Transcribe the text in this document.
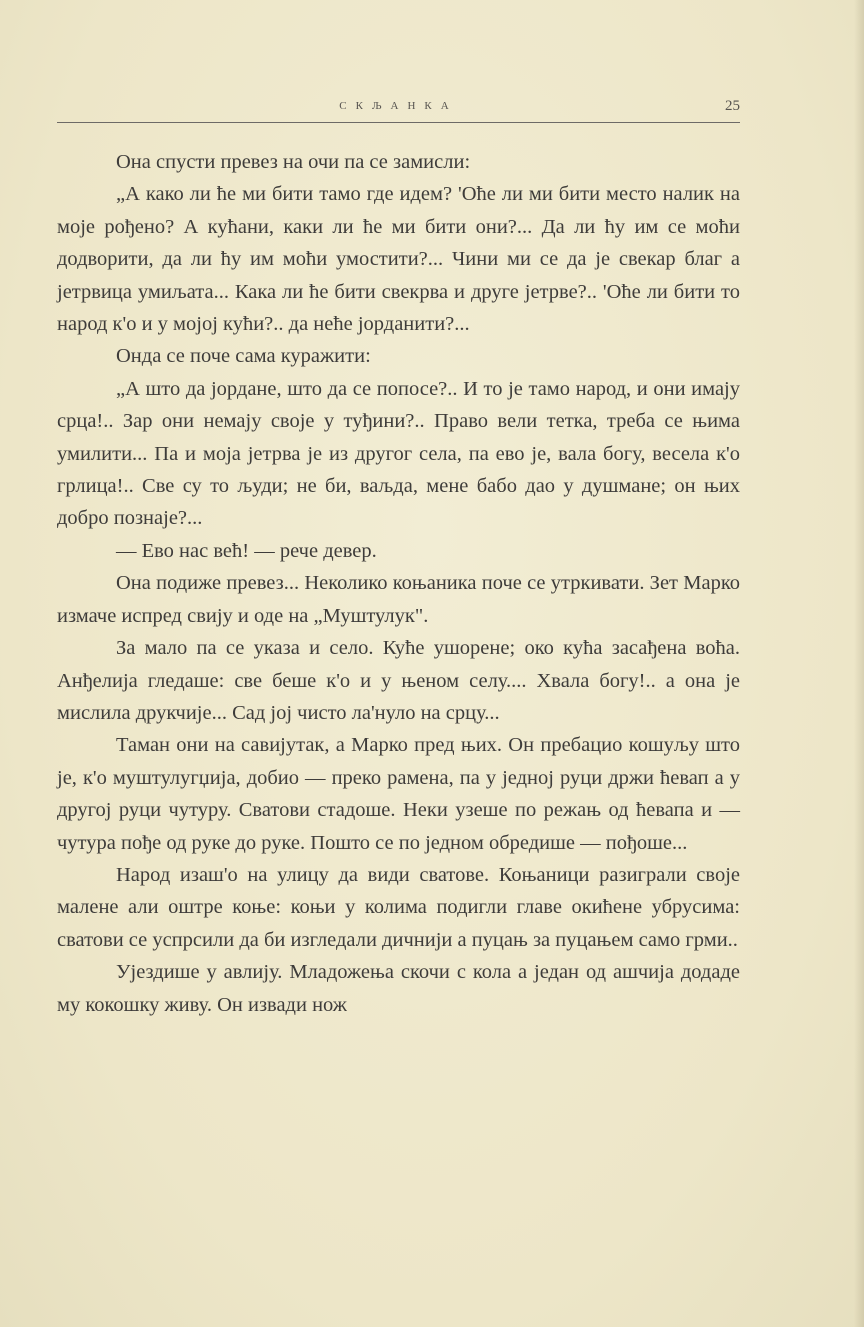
СКЉАНКА	25

Она спусти превез на очи па се замисли:

„А како ли ће ми бити тамо где идем? 'Оће ли ми бити место налик на моје рођено? А кућани, каки ли ће ми бити они?... Да ли ћу им се моћи додворити, да ли ћу им моћи умостити?... Чини ми се да је свекар благ а јетрвица умиљата... Кака ли ће бити свекрва и друге јетрве?.. 'Оће ли бити то народ к'о и у мојој кући?.. да неће јорданити?...

Онда се поче сама куражити:

„А што да јордане, што да се попосе?.. И то је тамо народ, и они имају срца!.. Зар они немају своје у туђини?.. Право вели тетка, треба се њима умилити... Па и моја јетрва је из другог села, па ево је, вала богу, весела к'о грлица!.. Све су то људи; не би, ваљда, мене бабо дао у душмане; он њих добро познаје?...

— Ево нас већ! — рече девер.

Она подиже превез... Неколико коњаника поче се утркивати. Зет Марко измаче испред свију и оде на „Муштулук".

За мало па се указа и село. Куће ушорене; око кућа засађена воћа. Анђелија гледаше: све беше к'о и у њеном селу.... Хвала богу!.. а она је мислила друкчије... Сад јој чисто ла'нуло на срцу...

Таман они на савијутак, а Марко пред њих. Он пребацио кошуљу што је, к'о муштулугџија, добио — преко рамена, па у једној руци држи ћевап а у другој руци чутуру. Сватови стадоше. Неки узеше по режањ од ћевапа и — чутура пођe од руке до руке. Пошто се по једном обредише — пођоше...

Народ изаш'о на улицу да види сватове. Коњаници разиграли своје малене али оштре коње: коњи у колима подигли главе окићене убрусима: сватови се успрсили да би изгледали дичнији а пуцањ за пуцањем само грми..

Ујездише у авлију. Младожења скочи с кола а један од ашчија додаде му кокошку живу. Он извади нож
